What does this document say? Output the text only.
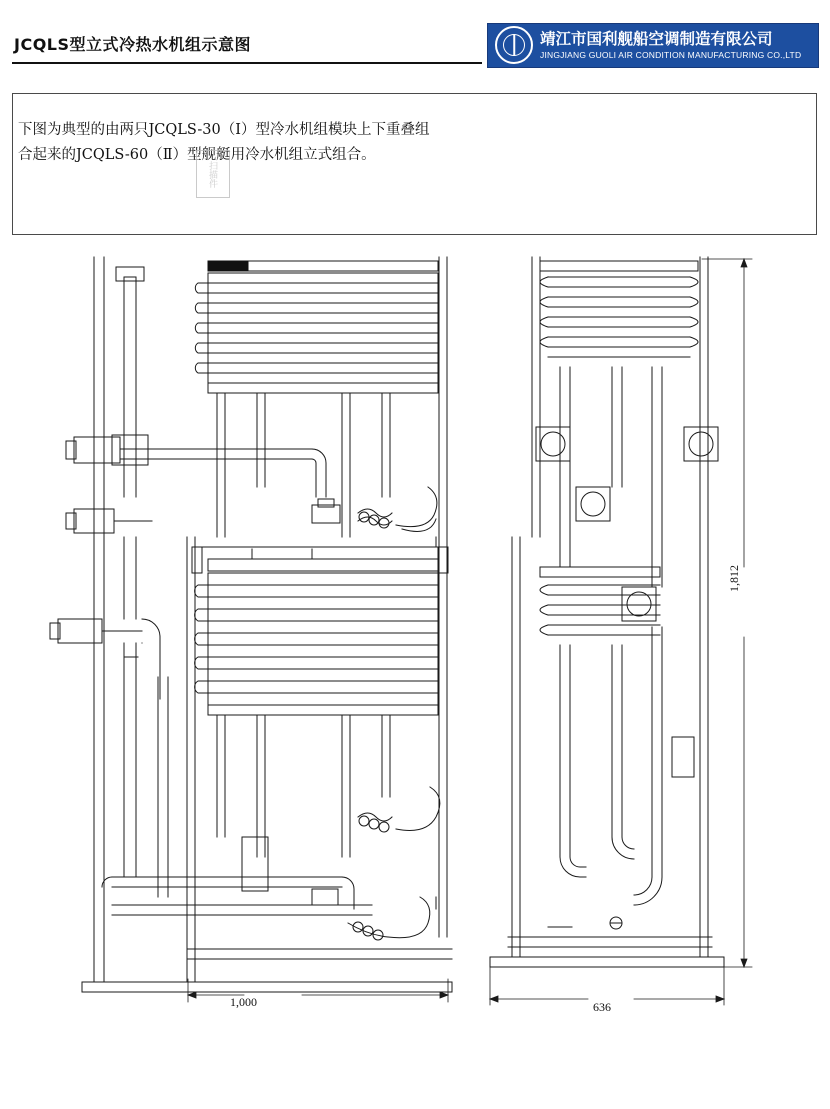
JCQLS型立式冷热水机组示意图	靖江市国利舰船空调制造有限公司
JINGJIANG GUOLI AIR CONDITION MANUFACTURING CO.,LTD
下图为典型的由两只JCQLS-30（Ⅰ）型冷水机组模块上下重叠组合起来的JCQLS-60（Ⅱ）型舰艇用冷水机组立式组合。
扫描件
1,000	636
1,812
